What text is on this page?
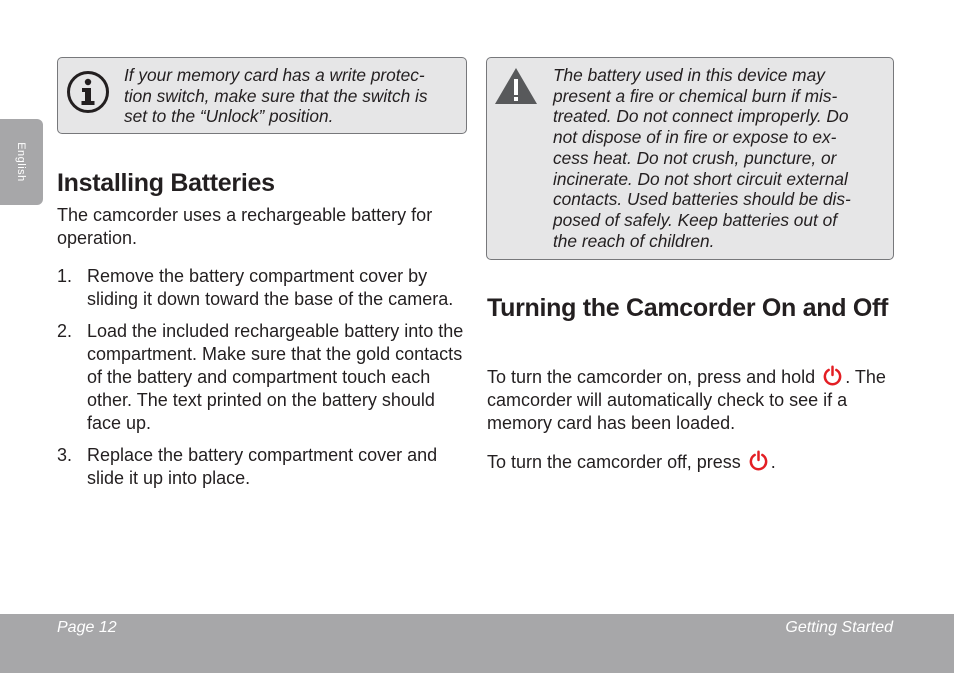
English
If your memory card has a write protec-
tion switch, make sure that the switch is
set to the “Unlock” position.
Installing Batteries

The camcorder uses a rechargeable battery for operation.

1. Remove the battery compartment cover by sliding it down toward the base of the camera.
2. Load the included rechargeable battery into the compartment. Make sure that the gold contacts of the battery and compartment touch each other. The text printed on the battery should face up.
3. Replace the battery compartment cover and slide it up into place.
The battery used in this device may
present a fire or chemical burn if mis-
treated. Do not connect improperly. Do
not dispose of in fire or expose to ex-
cess heat. Do not crush, puncture, or
incinerate. Do not short circuit external
contacts. Used batteries should be dis-
posed of safely. Keep batteries out of
the reach of children.
Turning the Camcorder On and Off

To turn the camcorder on, press and hold . The camcorder will automatically check to see if a memory card has been loaded.

To turn the camcorder off, press .

Page 12	Getting Started
